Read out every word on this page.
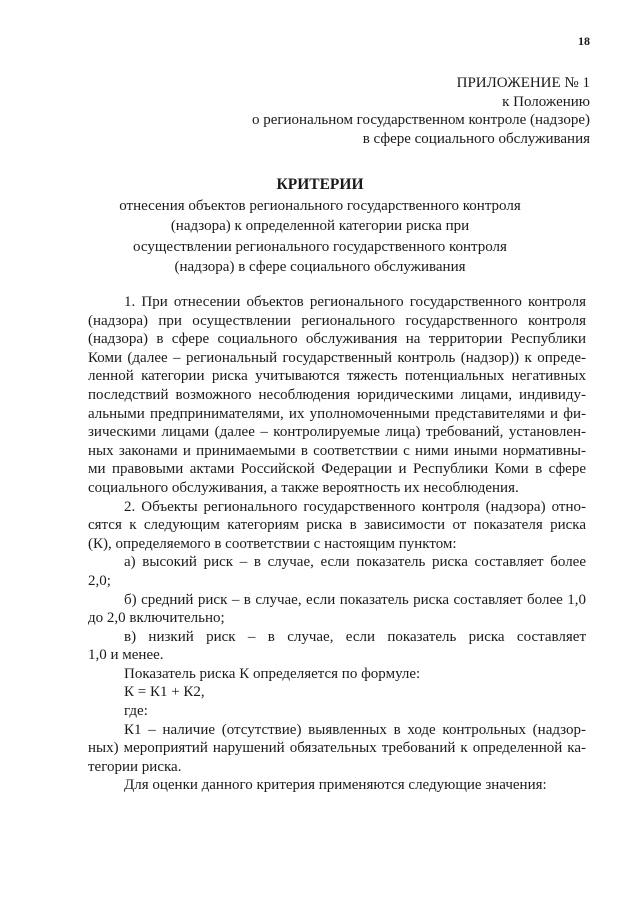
18
ПРИЛОЖЕНИЕ № 1
к Положению
о региональном государственном контроле (надзоре)
в сфере социального обслуживания
КРИТЕРИИ
отнесения объектов регионального государственного контроля
(надзора) к определенной категории риска при
осуществлении регионального государственного контроля
(надзора) в сфере социального обслуживания
1. При отнесении объектов регионального государственного контроля
(надзора) при осуществлении регионального государственного контроля
(надзора) в сфере социального обслуживания на территории Республики
Коми (далее – региональный государственный контроль (надзор)) к опреде-
ленной категории риска учитываются тяжесть потенциальных негативных
последствий возможного несоблюдения юридическими лицами, индивиду-
альными предпринимателями, их уполномоченными представителями и фи-
зическими лицами (далее – контролируемые лица) требований, установлен-
ных законами и принимаемыми в соответствии с ними иными нормативны-
ми правовыми актами Российской Федерации и Республики Коми в сфере
социального обслуживания, а также вероятность их несоблюдения.
2. Объекты регионального государственного контроля (надзора) отно-
сятся к следующим категориям риска в зависимости от показателя риска
(К), определяемого в соответствии с настоящим пунктом:
а) высокий риск – в случае, если показатель риска составляет более
2,0;
б) средний риск – в случае, если показатель риска составляет более 1,0
до 2,0 включительно;
в) низкий риск – в случае, если показатель риска составляет
1,0 и менее.
Показатель риска К определяется по формуле:
К = К1 + К2,
где:
К1 – наличие (отсутствие) выявленных в ходе контрольных (надзор-
ных) мероприятий нарушений обязательных требований к определенной ка-
тегории риска.
Для оценки данного критерия применяются следующие значения:
